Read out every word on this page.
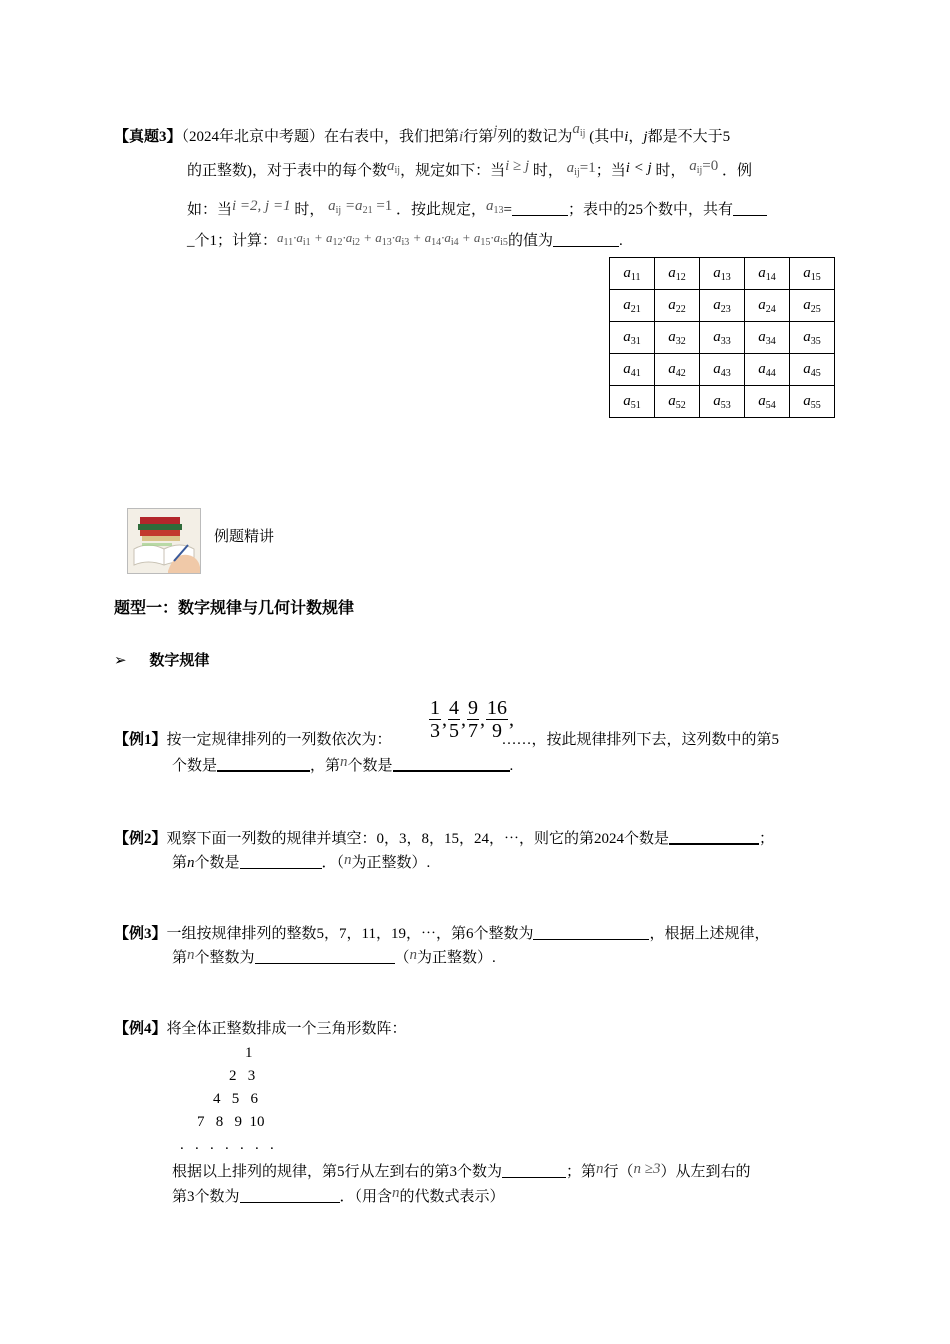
【真题3】（2024年北京中考题）在右表中，我们把第i行第j列的数记为$a_{ij}$ (其中i，j都是不大于5
的正整数)，对于表中的每个数$a_{ij}$，规定如下：当i ≥ j 时， $a_{ij}=1$；当i < j 时， $a_{ij}=0$ ．例
如：当i =2, j =1 时， $a_{ij} =a_{21} =1$ ．按此规定，$a_{13}=$	；表中的25个数中，共有
_个1；计算：$a_{11}\cdot a_{i1} + a_{12}\cdot a_{i2} + a_{13}\cdot a_{i3} + a_{14}\cdot a_{i4} + a_{15}\cdot a_{i5}$的值为	.
$a_{11}$	$a_{12}$	$a_{13}$	$a_{14}$	$a_{15}$
$a_{21}$	$a_{22}$	$a_{23}$	$a_{24}$	$a_{25}$
$a_{31}$	$a_{32}$	$a_{33}$	$a_{34}$	$a_{35}$
$a_{41}$	$a_{42}$	$a_{43}$	$a_{44}$	$a_{45}$
$a_{51}$	$a_{52}$	$a_{53}$	$a_{54}$	$a_{55}$
例题精讲
题型一：数字规律与几何计数规律
➢ 数字规律
$\frac{1}{3}$ , $\frac{4}{5}$ , $\frac{9}{7}$ , $\frac{16}{9}$ ,
【例1】按一定规律排列的一列数依次为：	……，按此规律排列下去，这列数中的第5
个数是	，第n个数是	.
【例2】观察下面一列数的规律并填空：0，3，8，15，24，⋯，则它的第2024个数是	；
第n个数是	．（n为正整数）.
【例3】一组按规律排列的整数5，7，11，19，⋯，第6个整数为	，根据上述规律，
第n个整数为	（n为正整数）.
【例4】将全体正整数排成一个三角形数阵：
1
2   3
4   5   6
7   8   9  10
.   .   .   .   .   .   .
根据以上排列的规律，第5行从左到右的第3个数为	；第n行（n ≥3）从左到右的
第3个数为	．（用含n的代数式表示）
